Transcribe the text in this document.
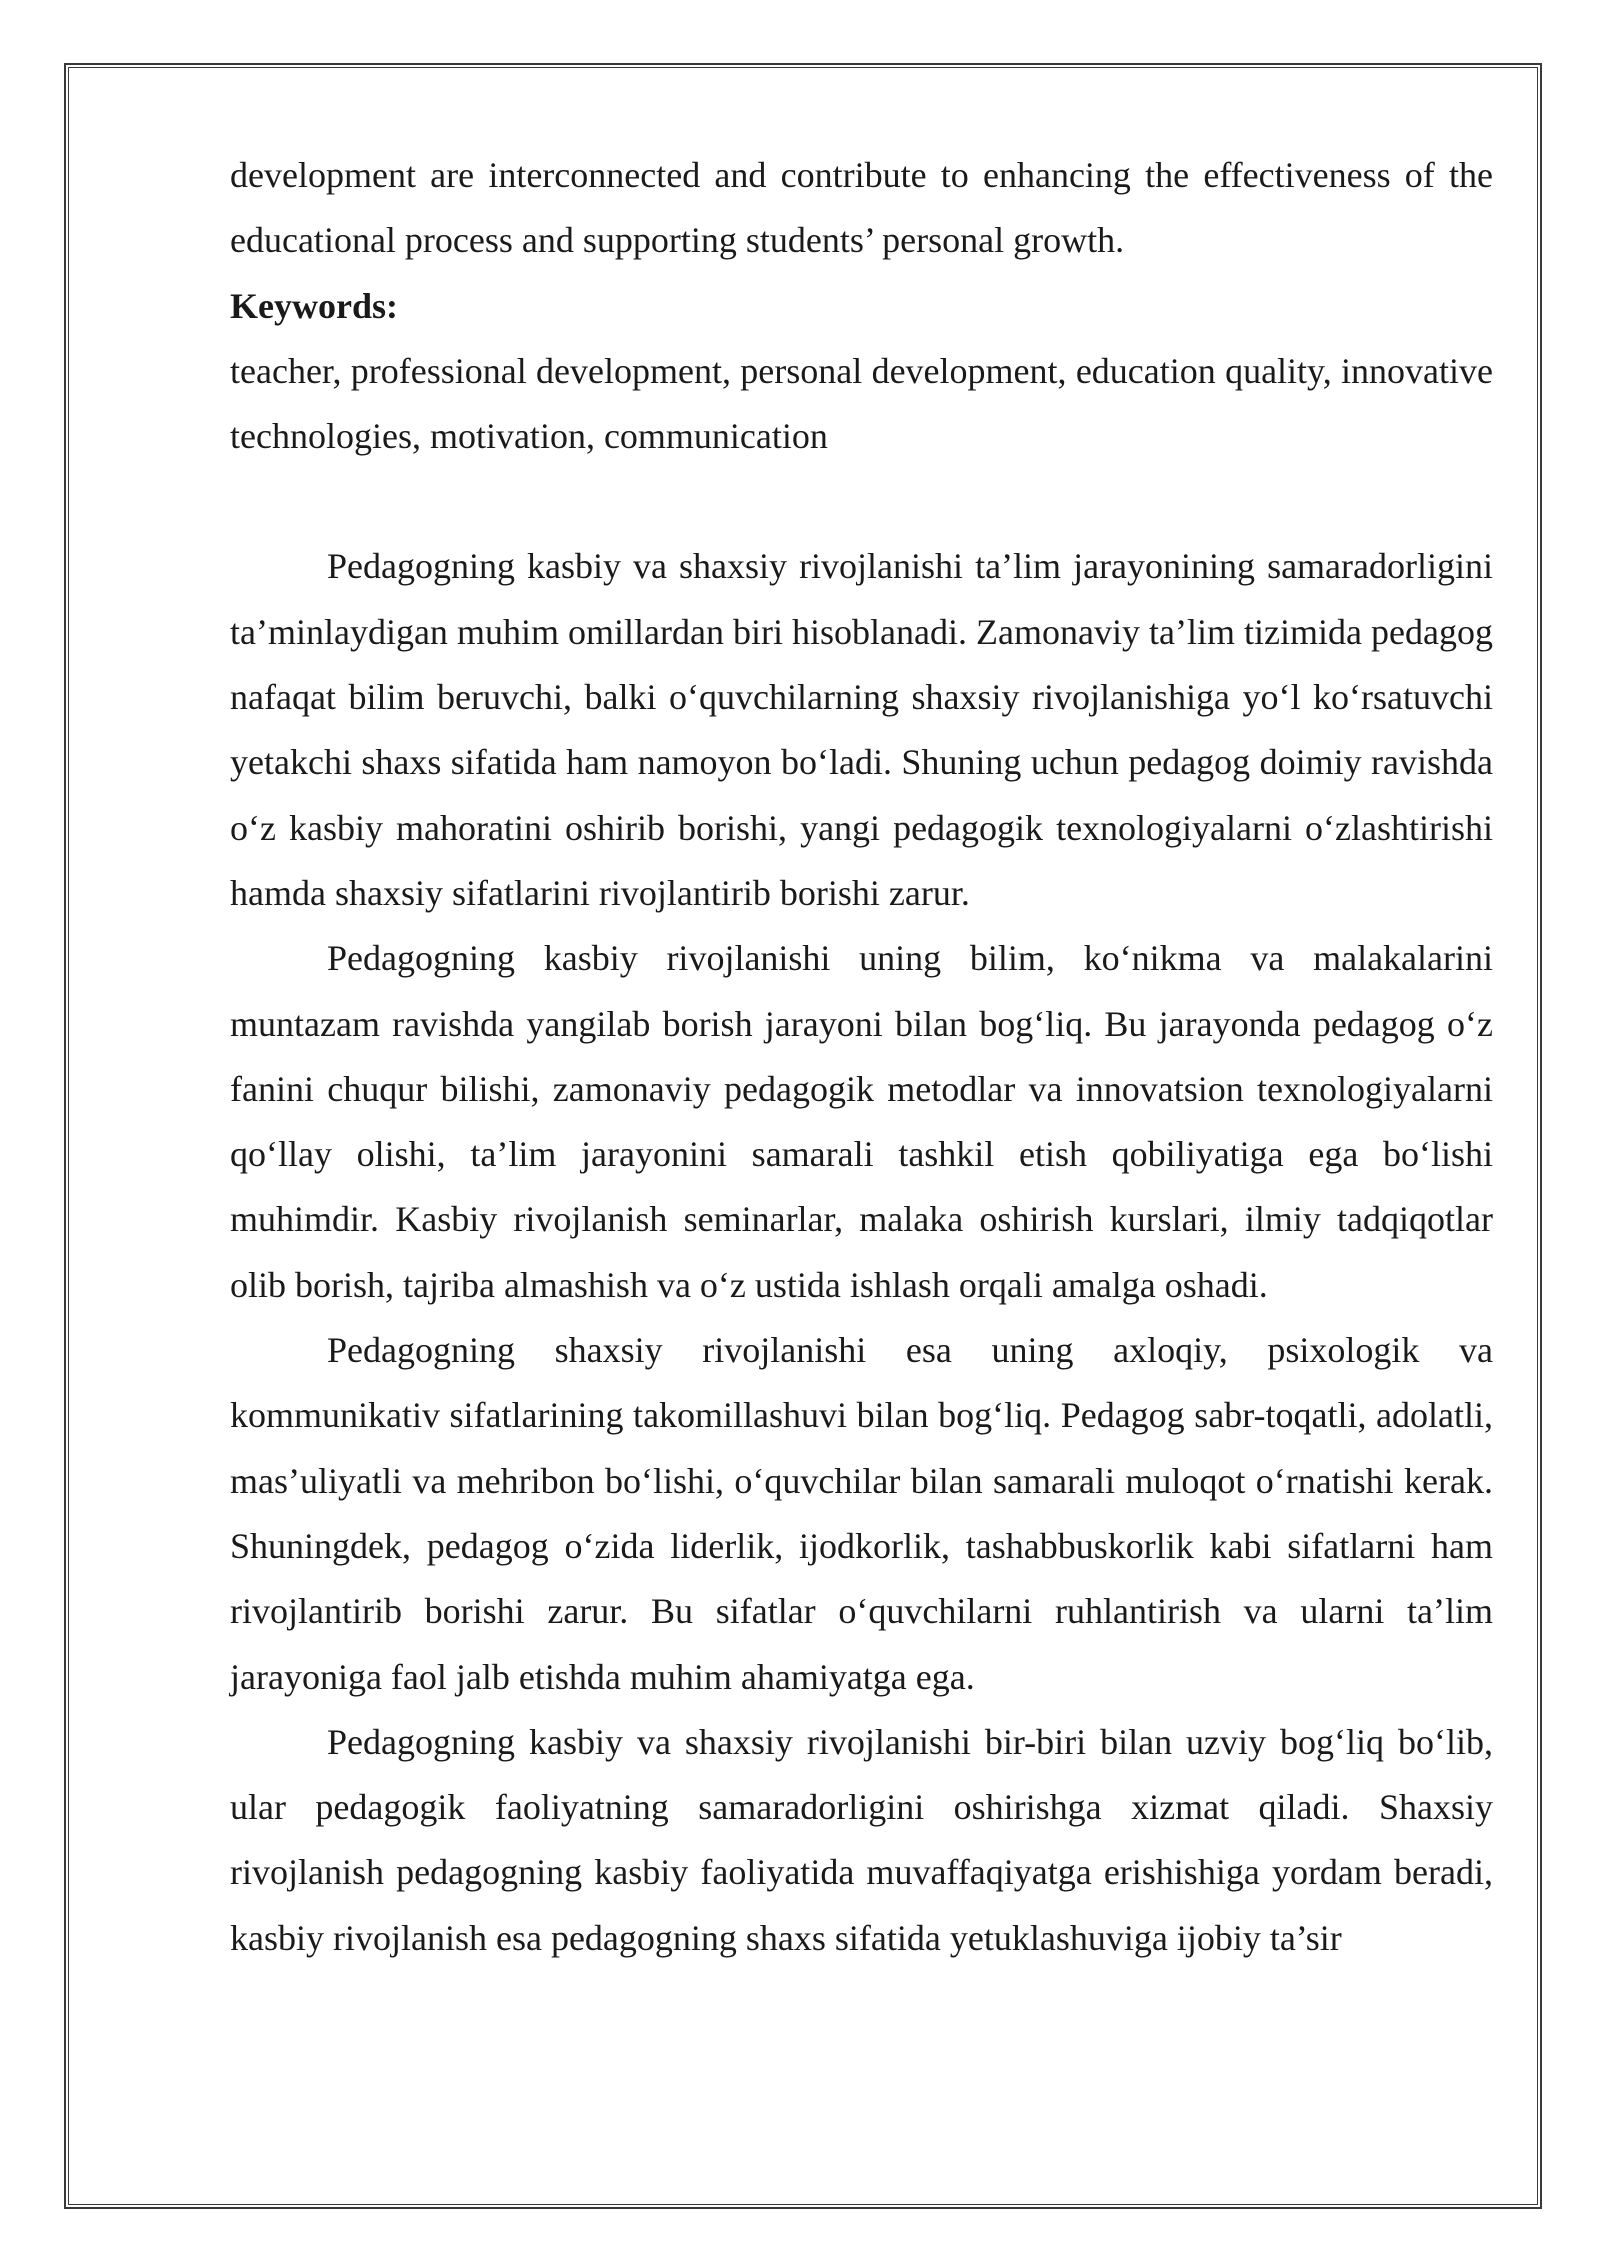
development are interconnected and contribute to enhancing the effectiveness of the educational process and supporting students’ personal growth.

Keywords:

teacher, professional development, personal development, education quality, innovative technologies, motivation, communication

Pedagogning kasbiy va shaxsiy rivojlanishi ta’lim jarayonining samaradorligini ta’minlaydigan muhim omillardan biri hisoblanadi. Zamonaviy ta’lim tizimida pedagog nafaqat bilim beruvchi, balki o‘quvchilarning shaxsiy rivojlanishiga yo‘l ko‘rsatuvchi yetakchi shaxs sifatida ham namoyon bo‘ladi. Shuning uchun pedagog doimiy ravishda o‘z kasbiy mahoratini oshirib borishi, yangi pedagogik texnologiyalarni o‘zlashtirishi hamda shaxsiy sifatlarini rivojlantirib borishi zarur.

Pedagogning kasbiy rivojlanishi uning bilim, ko‘nikma va malakalarini muntazam ravishda yangilab borish jarayoni bilan bog‘liq. Bu jarayonda pedagog o‘z fanini chuqur bilishi, zamonaviy pedagogik metodlar va innovatsion texnologiyalarni qo‘llay olishi, ta’lim jarayonini samarali tashkil etish qobiliyatiga ega bo‘lishi muhimdir. Kasbiy rivojlanish seminarlar, malaka oshirish kurslari, ilmiy tadqiqotlar olib borish, tajriba almashish va o‘z ustida ishlash orqali amalga oshadi.

Pedagogning shaxsiy rivojlanishi esa uning axloqiy, psixologik va kommunikativ sifatlarining takomillashuvi bilan bog‘liq. Pedagog sabr-toqatli, adolatli, mas’uliyatli va mehribon bo‘lishi, o‘quvchilar bilan samarali muloqot o‘rnatishi kerak. Shuningdek, pedagog o‘zida liderlik, ijodkorlik, tashabbuskorlik kabi sifatlarni ham rivojlantirib borishi zarur. Bu sifatlar o‘quvchilarni ruhlantirish va ularni ta’lim jarayoniga faol jalb etishda muhim ahamiyatga ega.

Pedagogning kasbiy va shaxsiy rivojlanishi bir-biri bilan uzviy bog‘liq bo‘lib, ular pedagogik faoliyatning samaradorligini oshirishga xizmat qiladi. Shaxsiy rivojlanish pedagogning kasbiy faoliyatida muvaffaqiyatga erishishiga yordam beradi, kasbiy rivojlanish esa pedagogning shaxs sifatida yetuklashuviga ijobiy ta’sir
